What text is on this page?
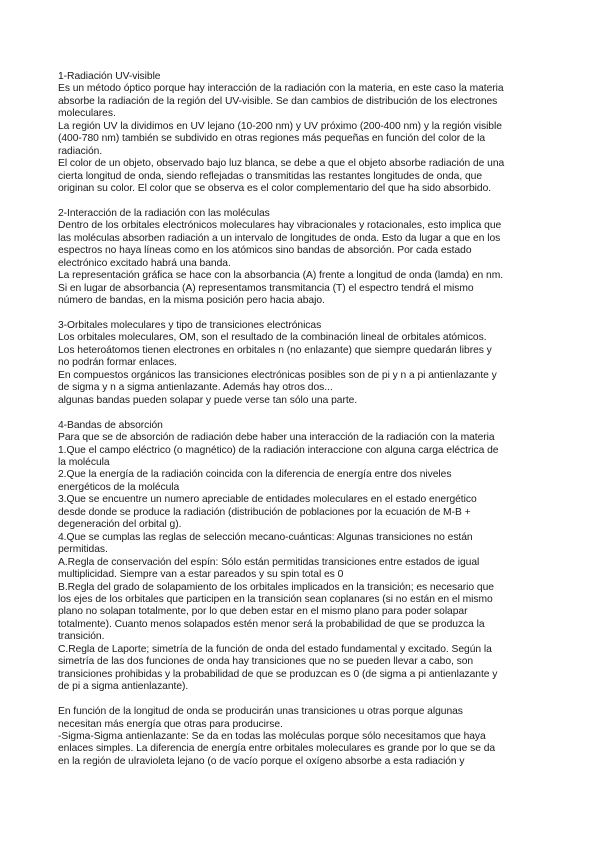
1-Radiación UV-visible
Es un método óptico porque hay interacción de la radiación con la materia, en este caso la materia
absorbe la radiación de la región del UV-visible. Se dan cambios de distribución de los electrones
moleculares.
La región UV la dividimos en UV lejano (10-200 nm) y UV próximo (200-400 nm) y la región visible
(400-780 nm) también se subdivido en otras regiones más pequeñas en función del color de la
radiación.
El color de un objeto, observado bajo luz blanca, se debe a que el objeto absorbe radiación de una
cierta longitud de onda, siendo reflejadas o transmitidas las restantes longitudes de onda, que
originan su color. El color que se observa es el color complementario del que ha sido absorbido.
2-Interacción de la radiación con las moléculas
Dentro de los orbitales electrónicos moleculares hay vibracionales y rotacionales, esto implica que
las moléculas absorben radiación a un intervalo de longitudes de onda. Esto da lugar a que en los
espectros no haya líneas como en los atómicos sino bandas de absorción. Por cada estado
electrónico excitado habrá una banda.
La representación gráfica se hace con la absorbancia (A) frente a longitud de onda (lamda) en nm.
Si en lugar de absorbancia (A) representamos transmitancia (T) el espectro tendrá el mismo
número de bandas, en la misma posición pero hacia abajo.
3-Orbitales moleculares y tipo de transiciones electrónicas
Los orbitales moleculares, OM, son el resultado de la combinación lineal de orbitales atómicos.
Los heteroátomos tienen electrones en orbitales n (no enlazante) que siempre quedarán libres y
no podrán formar enlaces.
En compuestos orgánicos las transiciones electrónicas posibles son de pi y n a pi antienlazante y
de sigma y n a sigma antienlazante. Además hay otros dos...
algunas bandas pueden solapar y puede verse tan sólo una parte.
4-Bandas de absorción
Para que se de absorción de radiación debe haber una interacción de la radiación con la materia
1.Que el campo eléctrico (o magnético) de la radiación interaccione con alguna carga eléctrica de
la molécula
2.Que la energía de la radiación coincida con la diferencia de energía entre dos niveles
energéticos de la molécula
3.Que se encuentre un numero apreciable de entidades moleculares en el estado energético
desde donde se produce la radiación (distribución de poblaciones por la ecuación de M-B +
degeneración del orbital g).
4.Que se cumplas las reglas de selección mecano-cuánticas: Algunas transiciones no están
permitidas.
A.Regla de conservación del espín: Sólo están permitidas transiciones entre estados de igual
multiplicidad. Siempre van a estar pareados y su spin total es 0
B.Regla del grado de solapamiento de los orbitales implicados en la transición; es necesario que
los ejes de los orbitales que participen en la transición sean coplanares (si no están en el mismo
plano no solapan totalmente, por lo que deben estar en el mismo plano para poder solapar
totalmente). Cuanto menos solapados estén menor será la probabilidad de que se produzca la
transición.
C.Regla de Laporte; simetría de la función de onda del estado fundamental y excitado. Según la
simetría de las dos funciones de onda hay transiciones que no se pueden llevar a cabo, son
transiciones prohibidas y la probabilidad de que se produzcan es 0 (de sigma a pi antienlazante y
de pi a sigma antienlazante).
En función de la longitud de onda se producirán unas transiciones u otras porque algunas
necesitan más energía que otras para producirse.
-Sigma-Sigma antienlazante: Se da en todas las moléculas porque sólo necesitamos que haya
enlaces simples. La diferencia de energía entre orbitales moleculares es grande por lo que se da
en la región de ulravioleta lejano (o de vacío porque el oxígeno absorbe a esta radiación y
